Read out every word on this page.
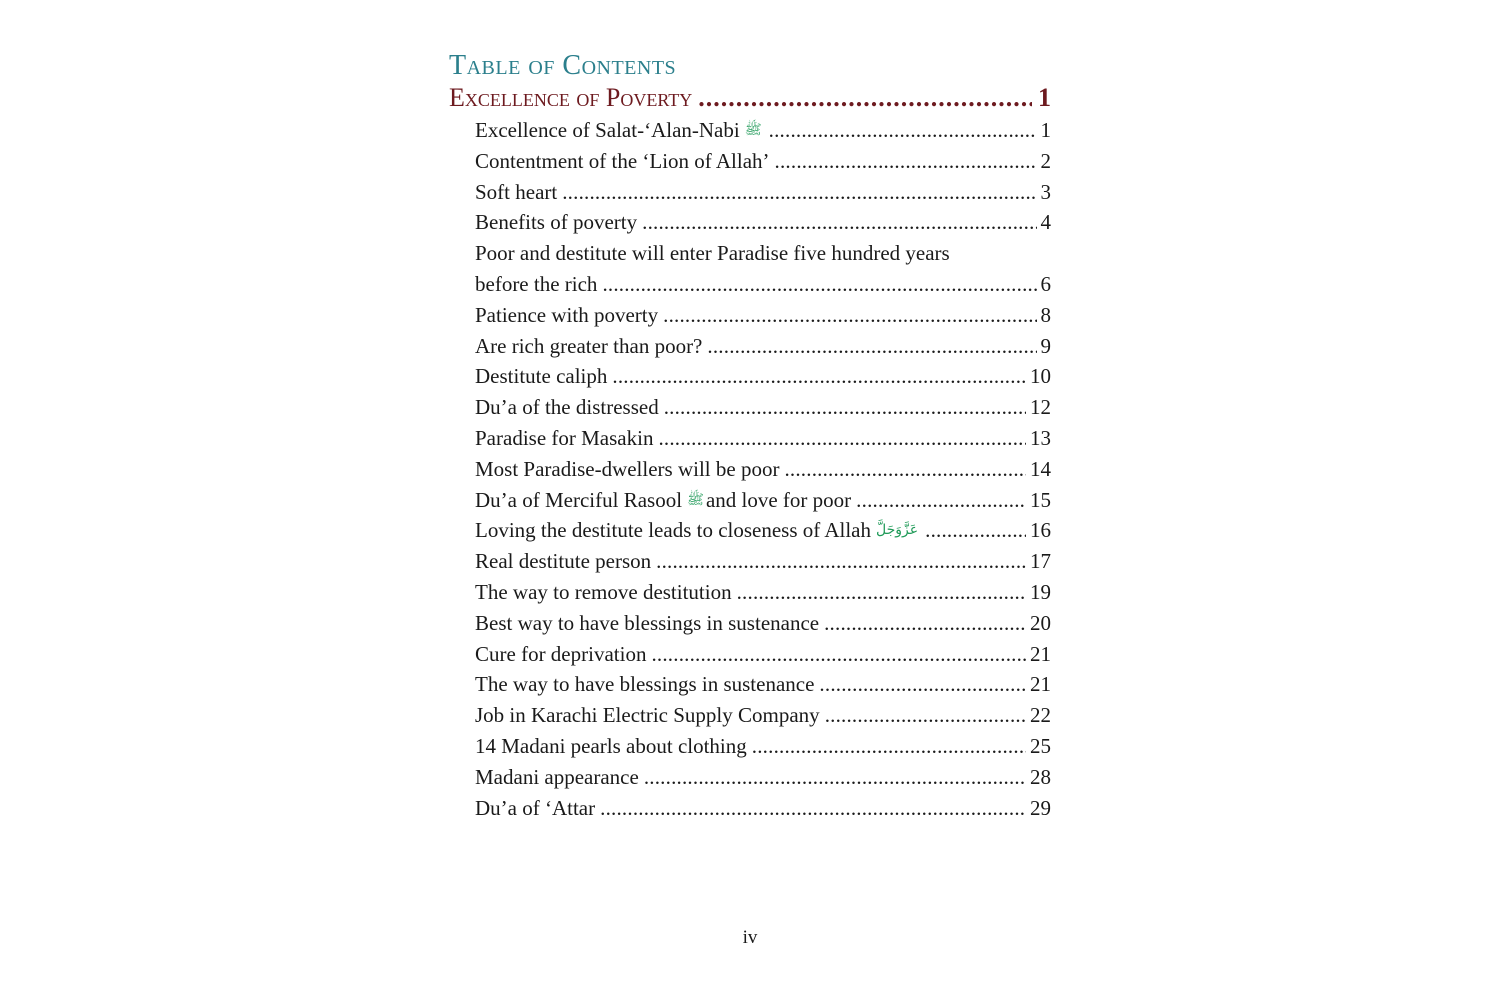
Table of Contents
Excellence of Poverty .....	1
Excellence of Salat-‘Alan-Nabi ﷺ .....	1
Contentment of the ‘Lion of Allah’ .....	2
Soft heart .....	3
Benefits of poverty .....	4
Poor and destitute will enter Paradise five hundred years
before the rich .....	6
Patience with poverty .....	8
Are rich greater than poor? .....	9
Destitute caliph .....	10
Du’a of the distressed .....	12
Paradise for Masakin .....	13
Most Paradise-dwellers will be poor .....	14
Du’a of Merciful Rasool ﷺand love for poor .....	15
Loving the destitute leads to closeness of Allah عَزَّوَجَلَّ .....	16
Real destitute person .....	17
The way to remove destitution .....	19
Best way to have blessings in sustenance .....	20
Cure for deprivation .....	21
The way to have blessings in sustenance .....	21
Job in Karachi Electric Supply Company .....	22
14 Madani pearls about clothing .....	25
Madani appearance .....	28
Du’a of ‘Attar .....	29
iv
